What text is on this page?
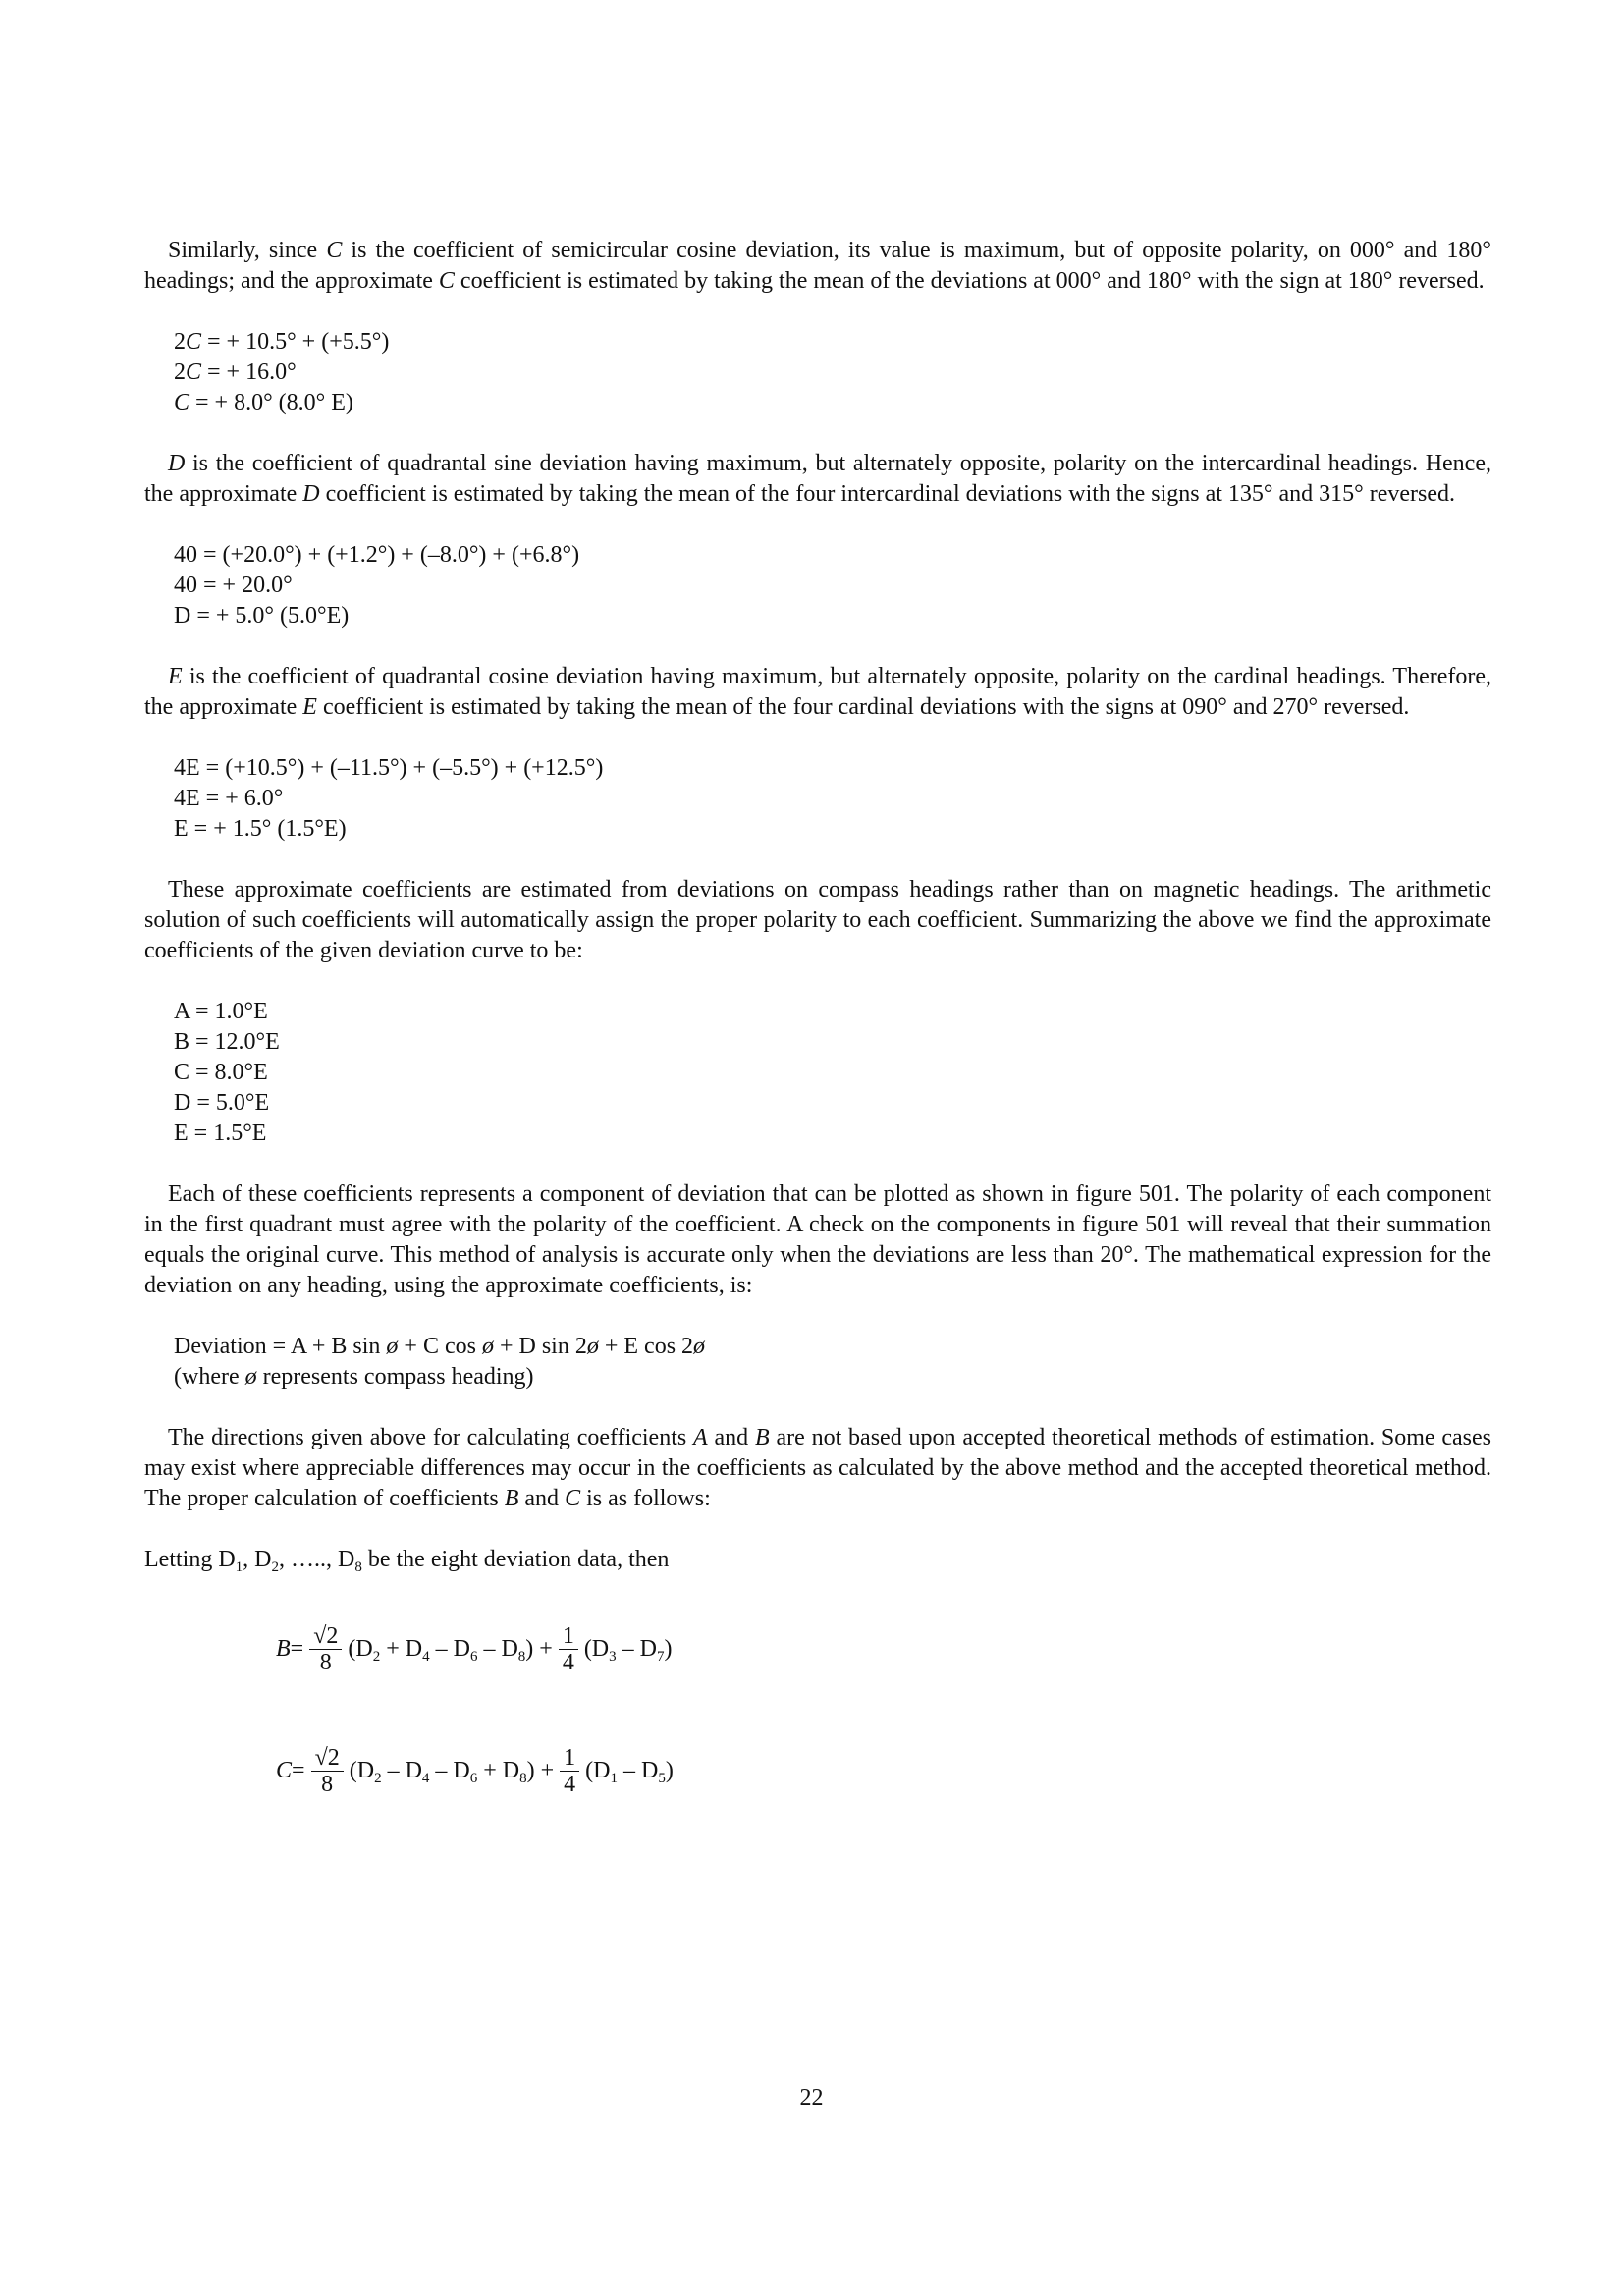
Similarly, since C is the coefficient of semicircular cosine deviation, its value is maximum, but of opposite polarity, on 000° and 180° headings; and the approximate C coefficient is estimated by taking the mean of the deviations at 000° and 180° with the sign at 180° reversed.

2C = + 10.5° + (+5.5°)
2C = + 16.0°
C = + 8.0° (8.0° E)

D is the coefficient of quadrantal sine deviation having maximum, but alternately opposite, polarity on the intercardinal headings. Hence, the approximate D coefficient is estimated by taking the mean of the four intercardinal deviations with the signs at 135° and 315° reversed.

40 = (+20.0°) + (+1.2°) + (–8.0°) + (+6.8°)
40 = + 20.0°
D = + 5.0° (5.0°E)

E is the coefficient of quadrantal cosine deviation having maximum, but alternately opposite, polarity on the cardinal headings. Therefore, the approximate E coefficient is estimated by taking the mean of the four cardinal deviations with the signs at 090° and 270° reversed.

4E = (+10.5°) + (–11.5°) + (–5.5°) + (+12.5°)
4E = + 6.0°
E = + 1.5° (1.5°E)

These approximate coefficients are estimated from deviations on compass headings rather than on magnetic headings. The arithmetic solution of such coefficients will automatically assign the proper polarity to each coefficient. Summarizing the above we find the approximate coefficients of the given deviation curve to be:

A = 1.0°E
B = 12.0°E
C = 8.0°E
D = 5.0°E
E = 1.5°E

Each of these coefficients represents a component of deviation that can be plotted as shown in figure 501. The polarity of each component in the first quadrant must agree with the polarity of the coefficient. A check on the components in figure 501 will reveal that their summation equals the original curve. This method of analysis is accurate only when the deviations are less than 20°. The mathematical expression for the deviation on any heading, using the approximate coefficients, is:

Deviation = A + B sin ø + C cos ø + D sin 2ø + E cos 2ø
(where ø represents compass heading)

The directions given above for calculating coefficients A and B are not based upon accepted theoretical methods of estimation. Some cases may exist where appreciable differences may occur in the coefficients as calculated by the above method and the accepted theoretical method. The proper calculation of coefficients B and C is as follows:

Letting $D_1$, $D_2$, ….., $D_8$ be the eight deviation data, then

$B = \frac{√2}{8} (D_2 + D_4 - D_6 - D_8) + \frac{1}{4} (D_3 - D_7)$
$C = \frac{√2}{8} (D_2 - D_4 - D_6 + D_8) + \frac{1}{4} (D_1 - D_5)$
22
